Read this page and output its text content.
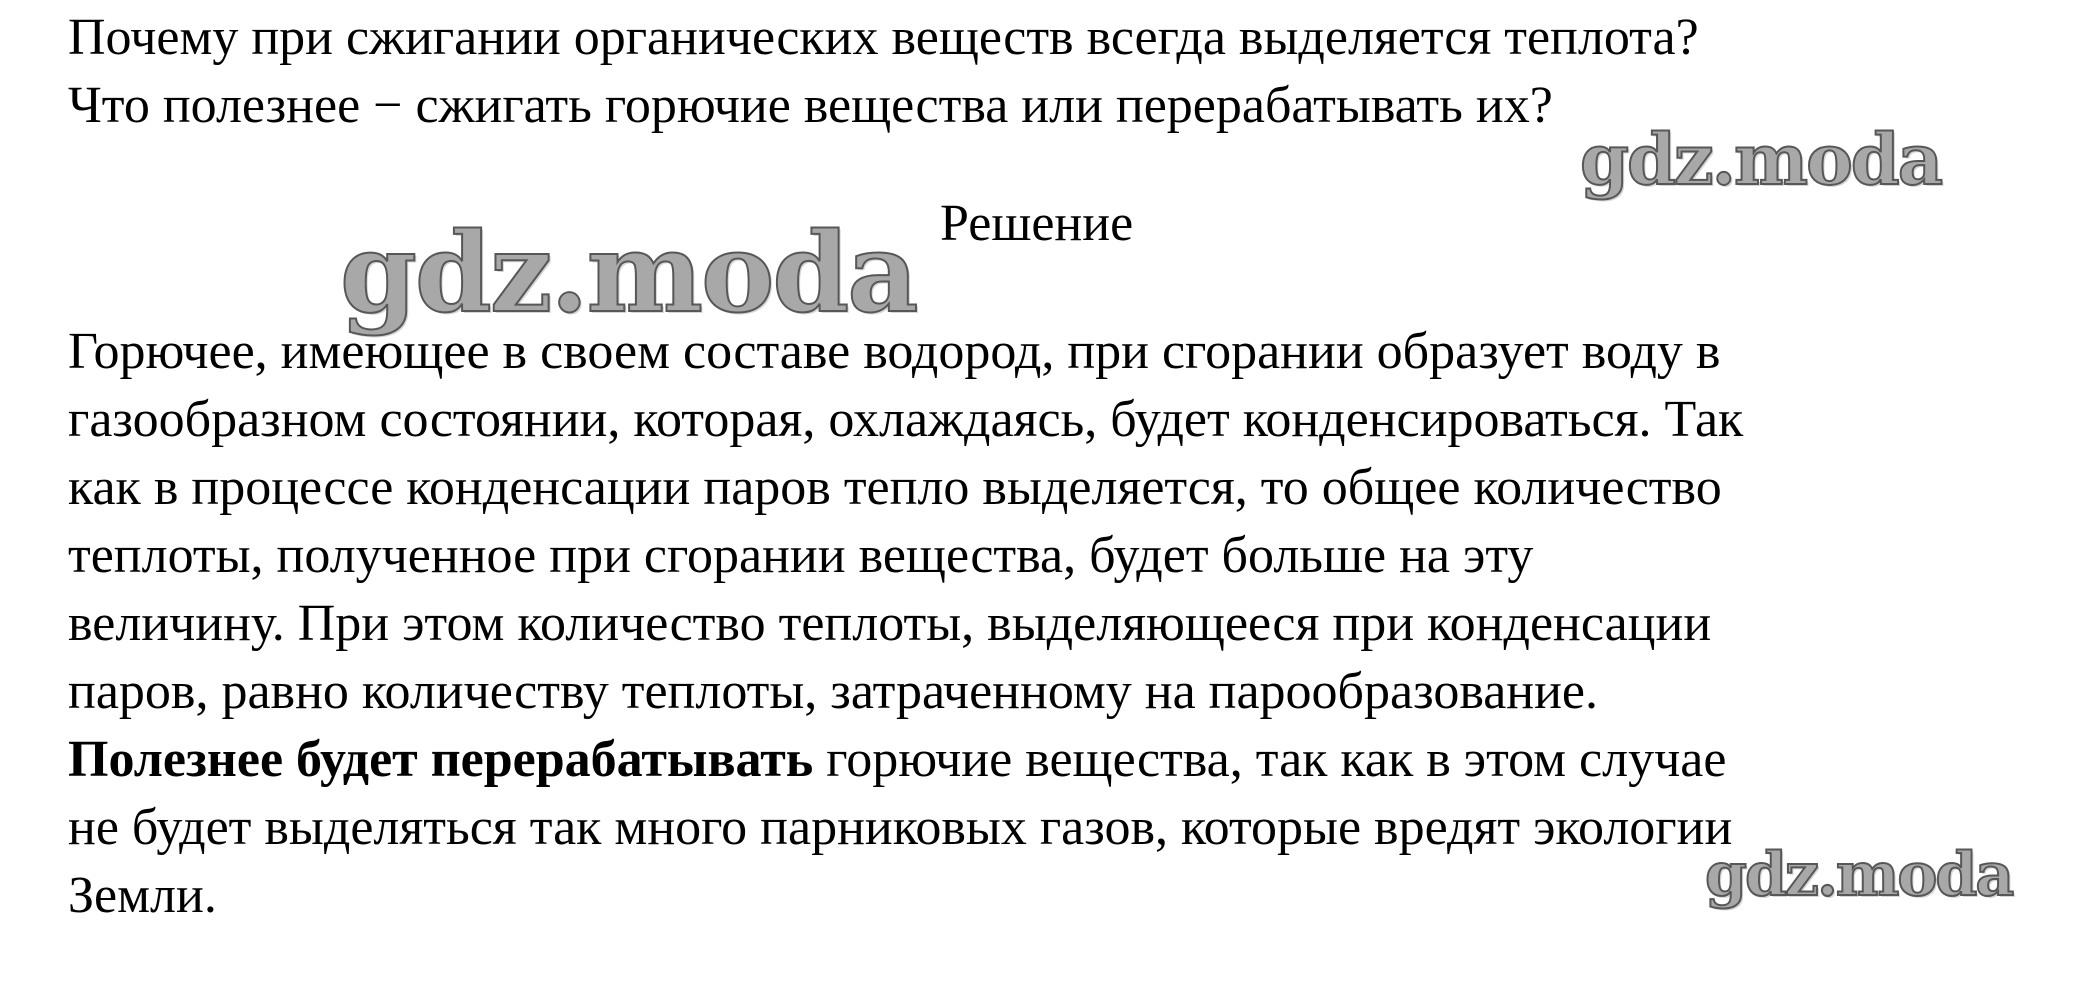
Почему при сжигании органических веществ всегда выделяется теплота?

Что полезнее − сжигать горючие вещества или перерабатывать их?

gdz.moda
Решение
gdz.moda

Горючее, имеющее в своем составе водород, при сгорании образует воду в

газообразном состоянии, которая, охлаждаясь, будет конденсироваться. Так

как в процессе конденсации паров тепло выделяется, то общее количество

теплоты, полученное при сгорании вещества, будет больше на эту

величину. При этом количество теплоты, выделяющееся при конденсации

паров, равно количеству теплоты, затраченному на парообразование.

Полезнее будет перерабатывать горючие вещества, так как в этом случае

не будет выделяться так много парниковых газов, которые вредят экологии

Земли.	gdz.moda
